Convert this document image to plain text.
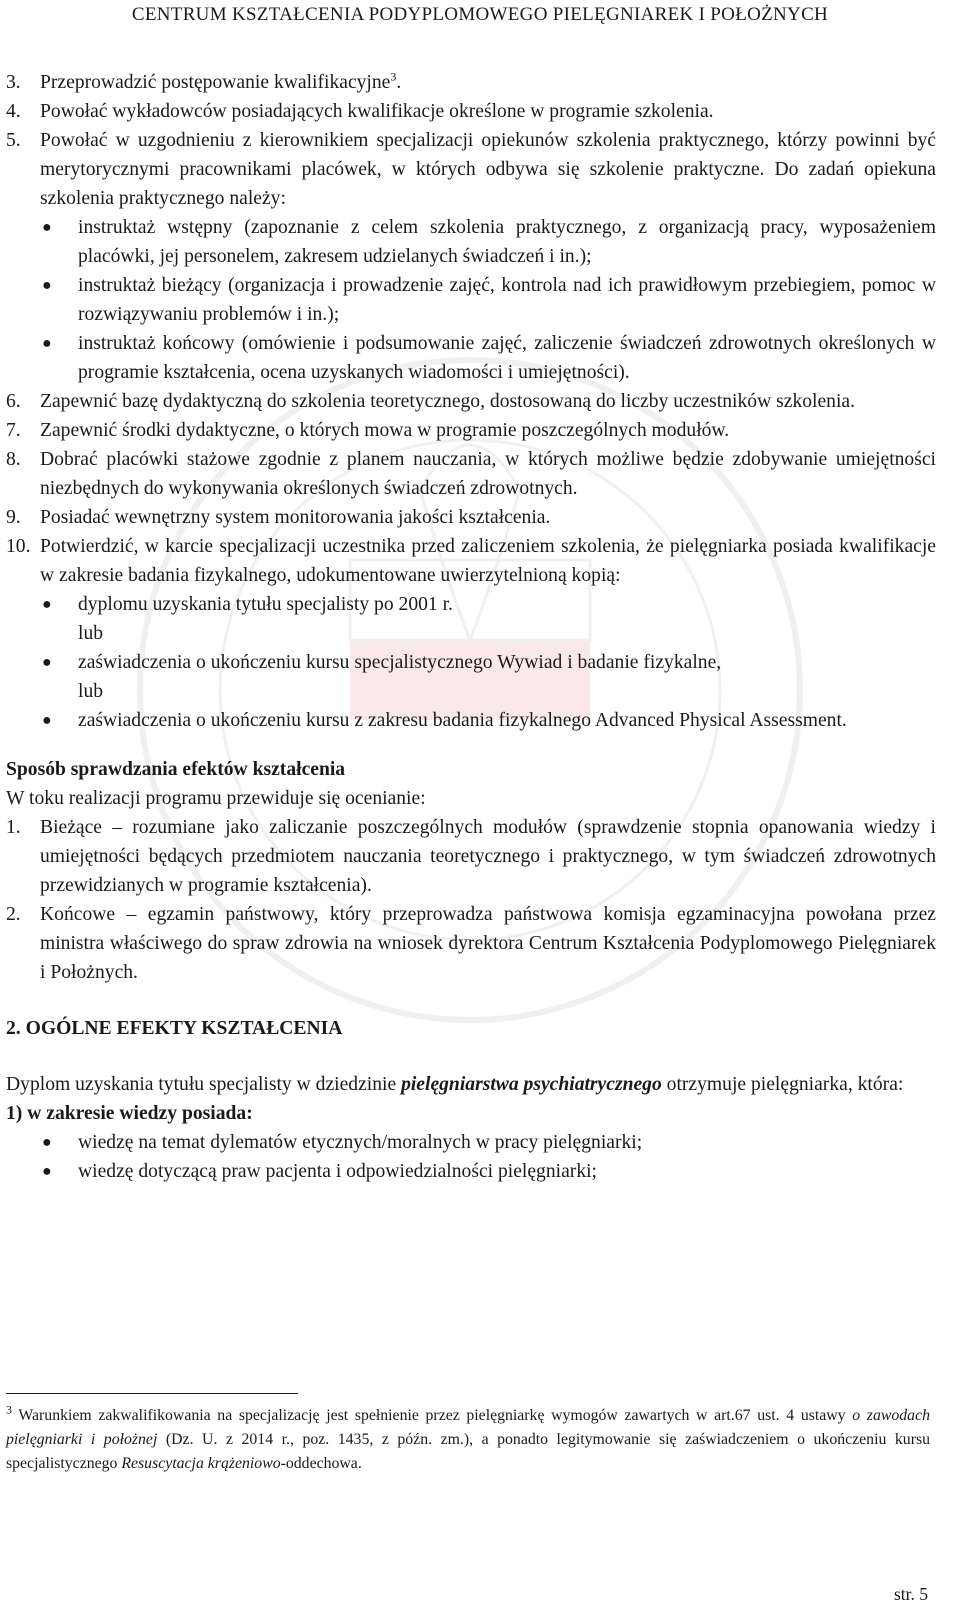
CENTRUM KSZTAŁCENIA PODYPLOMOWEGO PIELĘGNIAREK I POŁOŻNYCH
3. Przeprowadzić postępowanie kwalifikacyjne$^3$.
4. Powołać wykładowców posiadających kwalifikacje określone w programie szkolenia.
5. Powołać w uzgodnieniu z kierownikiem specjalizacji opiekunów szkolenia praktycznego, którzy powinni być merytorycznymi pracownikami placówek, w których odbywa się szkolenie praktyczne. Do zadań opiekuna szkolenia praktycznego należy:
●	instruktaż wstępny (zapoznanie z celem szkolenia praktycznego, z organizacją pracy, wyposażeniem placówki, jej personelem, zakresem udzielanych świadczeń i in.);
●	instruktaż bieżący (organizacja i prowadzenie zajęć, kontrola nad ich prawidłowym przebiegiem, pomoc w rozwiązywaniu problemów i in.);
●	instruktaż końcowy (omówienie i podsumowanie zajęć, zaliczenie świadczeń zdrowotnych określonych w programie kształcenia, ocena uzyskanych wiadomości i umiejętności).
6. Zapewnić bazę dydaktyczną do szkolenia teoretycznego, dostosowaną do liczby uczestników szkolenia.
7. Zapewnić środki dydaktyczne, o których mowa w programie poszczególnych modułów.
8. Dobrać placówki stażowe zgodnie z planem nauczania, w których możliwe będzie zdobywanie umiejętności niezbędnych do wykonywania określonych świadczeń zdrowotnych.
9. Posiadać wewnętrzny system monitorowania jakości kształcenia.
10. Potwierdzić, w karcie specjalizacji uczestnika przed zaliczeniem szkolenia, że pielęgniarka posiada kwalifikacje w zakresie badania fizykalnego, udokumentowane uwierzytelnioną kopią:
●	dyplomu uzyskania tytułu specjalisty po 2001 r.
lub
●	zaświadczenia o ukończeniu kursu specjalistycznego Wywiad i badanie fizykalne,
lub
●	zaświadczenia o ukończeniu kursu z zakresu badania fizykalnego Advanced Physical Assessment.
Sposób sprawdzania efektów kształcenia
W toku realizacji programu przewiduje się ocenianie:
1. Bieżące – rozumiane jako zaliczanie poszczególnych modułów (sprawdzenie stopnia opanowania wiedzy i umiejętności będących przedmiotem nauczania teoretycznego i praktycznego, w tym świadczeń zdrowotnych przewidzianych w programie kształcenia).
2. Końcowe – egzamin państwowy, który przeprowadza państwowa komisja egzaminacyjna powołana przez ministra właściwego do spraw zdrowia na wniosek dyrektora Centrum Kształcenia Podyplomowego Pielęgniarek i Położnych.
2. OGÓLNE EFEKTY KSZTAŁCENIA
Dyplom uzyskania tytułu specjalisty w dziedzinie pielęgniarstwa psychiatrycznego otrzymuje pielęgniarka, która:
1) w zakresie wiedzy posiada:
●	wiedzę na temat dylematów etycznych/moralnych w pracy pielęgniarki;
●	wiedzę dotyczącą praw pacjenta i odpowiedzialności pielęgniarki;
$^3$ Warunkiem zakwalifikowania na specjalizację jest spełnienie przez pielęgniarkę wymogów zawartych w art.67 ust. 4 ustawy o zawodach pielęgniarki i położnej (Dz. U. z 2014 r., poz. 1435, z późn. zm.), a ponadto legitymowanie się zaświadczeniem o ukończeniu kursu specjalistycznego Resuscytacja krążeniowo-oddechowa.
str. 5
